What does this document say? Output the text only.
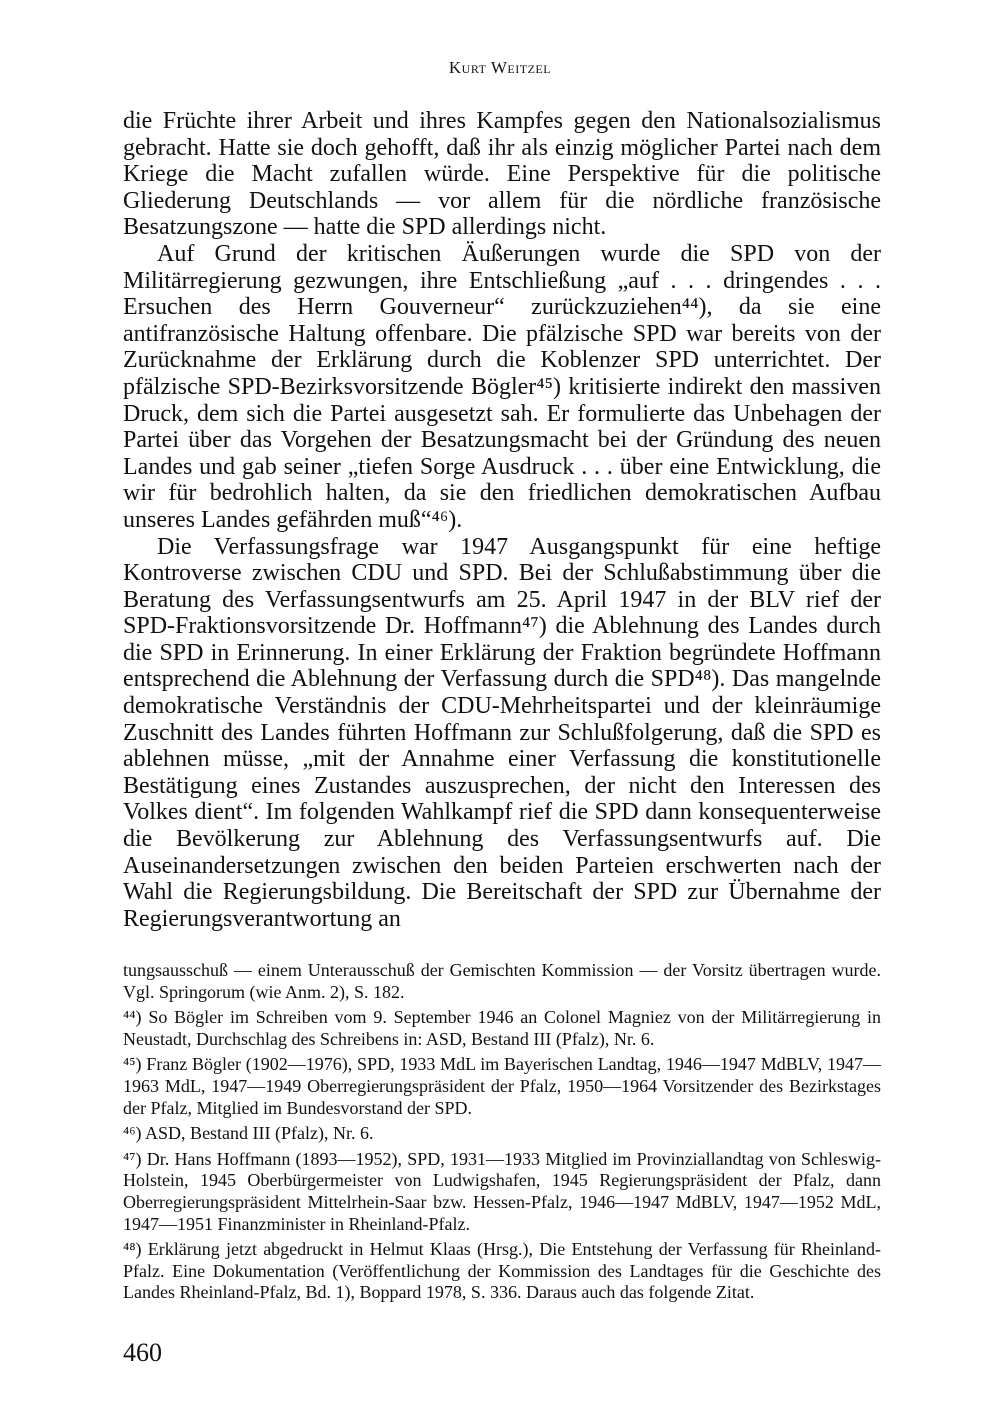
Kurt Weitzel

die Früchte ihrer Arbeit und ihres Kampfes gegen den Nationalsozialismus gebracht. Hatte sie doch gehofft, daß ihr als einzig möglicher Partei nach dem Kriege die Macht zufallen würde. Eine Perspektive für die politische Gliederung Deutschlands — vor allem für die nördliche französische Besatzungszone — hatte die SPD allerdings nicht.

Auf Grund der kritischen Äußerungen wurde die SPD von der Militärregierung gezwungen, ihre Entschließung „auf . . . dringendes . . . Ersuchen des Herrn Gouverneur“ zurückzuziehen⁴⁴), da sie eine antifranzösische Haltung offenbare. Die pfälzische SPD war bereits von der Zurücknahme der Erklärung durch die Koblenzer SPD unterrichtet. Der pfälzische SPD-Bezirksvorsitzende Bögler⁴⁵) kritisierte indirekt den massiven Druck, dem sich die Partei ausgesetzt sah. Er formulierte das Unbehagen der Partei über das Vorgehen der Besatzungsmacht bei der Gründung des neuen Landes und gab seiner „tiefen Sorge Ausdruck . . . über eine Entwicklung, die wir für bedrohlich halten, da sie den friedlichen demokratischen Aufbau unseres Landes gefährden muß“⁴⁶).

Die Verfassungsfrage war 1947 Ausgangspunkt für eine heftige Kontroverse zwischen CDU und SPD. Bei der Schlußabstimmung über die Beratung des Verfassungsentwurfs am 25. April 1947 in der BLV rief der SPD-Fraktionsvorsitzende Dr. Hoffmann⁴⁷) die Ablehnung des Landes durch die SPD in Erinnerung. In einer Erklärung der Fraktion begründete Hoffmann entsprechend die Ablehnung der Verfassung durch die SPD⁴⁸). Das mangelnde demokratische Verständnis der CDU-Mehrheitspartei und der kleinräumige Zuschnitt des Landes führten Hoffmann zur Schlußfolgerung, daß die SPD es ablehnen müsse, „mit der Annahme einer Verfassung die konstitutionelle Bestätigung eines Zustandes auszusprechen, der nicht den Interessen des Volkes dient“. Im folgenden Wahlkampf rief die SPD dann konsequenterweise die Bevölkerung zur Ablehnung des Verfassungsentwurfs auf. Die Auseinandersetzungen zwischen den beiden Parteien erschwerten nach der Wahl die Regierungsbildung. Die Bereitschaft der SPD zur Übernahme der Regierungsverantwortung an

tungsausschuß — einem Unterausschuß der Gemischten Kommission — der Vorsitz übertragen wurde. Vgl. Springorum (wie Anm. 2), S. 182.

⁴⁴) So Bögler im Schreiben vom 9. September 1946 an Colonel Magniez von der Militärregierung in Neustadt, Durchschlag des Schreibens in: ASD, Bestand III (Pfalz), Nr. 6.

⁴⁵) Franz Bögler (1902—1976), SPD, 1933 MdL im Bayerischen Landtag, 1946—1947 MdBLV, 1947—1963 MdL, 1947—1949 Oberregierungspräsident der Pfalz, 1950—1964 Vorsitzender des Bezirkstages der Pfalz, Mitglied im Bundesvorstand der SPD.

⁴⁶) ASD, Bestand III (Pfalz), Nr. 6.

⁴⁷) Dr. Hans Hoffmann (1893—1952), SPD, 1931—1933 Mitglied im Provinziallandtag von Schleswig-Holstein, 1945 Oberbürgermeister von Ludwigshafen, 1945 Regierungspräsident der Pfalz, dann Oberregierungspräsident Mittelrhein-Saar bzw. Hessen-Pfalz, 1946—1947 MdBLV, 1947—1952 MdL, 1947—1951 Finanzminister in Rheinland-Pfalz.

⁴⁸) Erklärung jetzt abgedruckt in Helmut Klaas (Hrsg.), Die Entstehung der Verfassung für Rheinland-Pfalz. Eine Dokumentation (Veröffentlichung der Kommission des Landtages für die Geschichte des Landes Rheinland-Pfalz, Bd. 1), Boppard 1978, S. 336. Daraus auch das folgende Zitat.

460
